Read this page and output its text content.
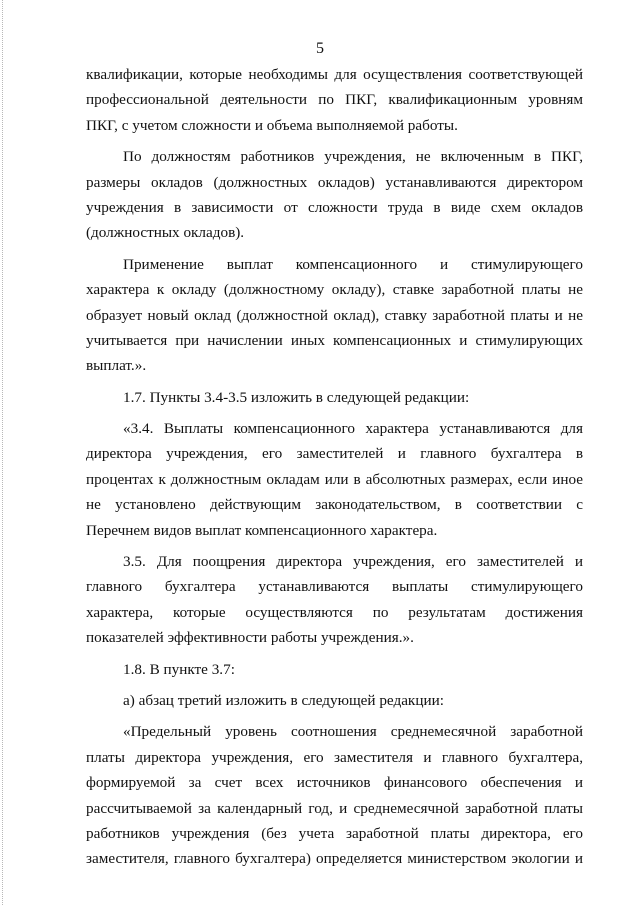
5
квалификации, которые необходимы для осуществления соответствующей
профессиональной деятельности по ПКГ, квалификационным уровням
ПКГ, с учетом сложности и объема выполняемой работы.
По должностям работников учреждения, не включенным в ПКГ,
размеры окладов (должностных окладов) устанавливаются директором
учреждения в зависимости от сложности труда в виде схем окладов
(должностных окладов).
Применение выплат компенсационного и стимулирующего
характера к окладу (должностному окладу), ставке заработной платы не
образует новый оклад (должностной оклад), ставку заработной платы и не
учитывается при начислении иных компенсационных и стимулирующих
выплат.».
1.7. Пункты 3.4-3.5 изложить в следующей редакции:
«3.4. Выплаты компенсационного характера устанавливаются для
директора учреждения, его заместителей и главного бухгалтера в
процентах к должностным окладам или в абсолютных размерах, если иное
не установлено действующим законодательством, в соответствии с
Перечнем видов выплат компенсационного характера.
3.5. Для поощрения директора учреждения, его заместителей и
главного бухгалтера устанавливаются выплаты стимулирующего
характера, которые осуществляются по результатам достижения
показателей эффективности работы учреждения.».
1.8. В пункте 3.7:
а) абзац третий изложить в следующей редакции:
«Предельный уровень соотношения среднемесячной заработной
платы директора учреждения, его заместителя и главного бухгалтера,
формируемой за счет всех источников финансового обеспечения и
рассчитываемой за календарный год, и среднемесячной заработной платы
работников учреждения (без учета заработной платы директора, его
заместителя, главного бухгалтера) определяется министерством экологии и
